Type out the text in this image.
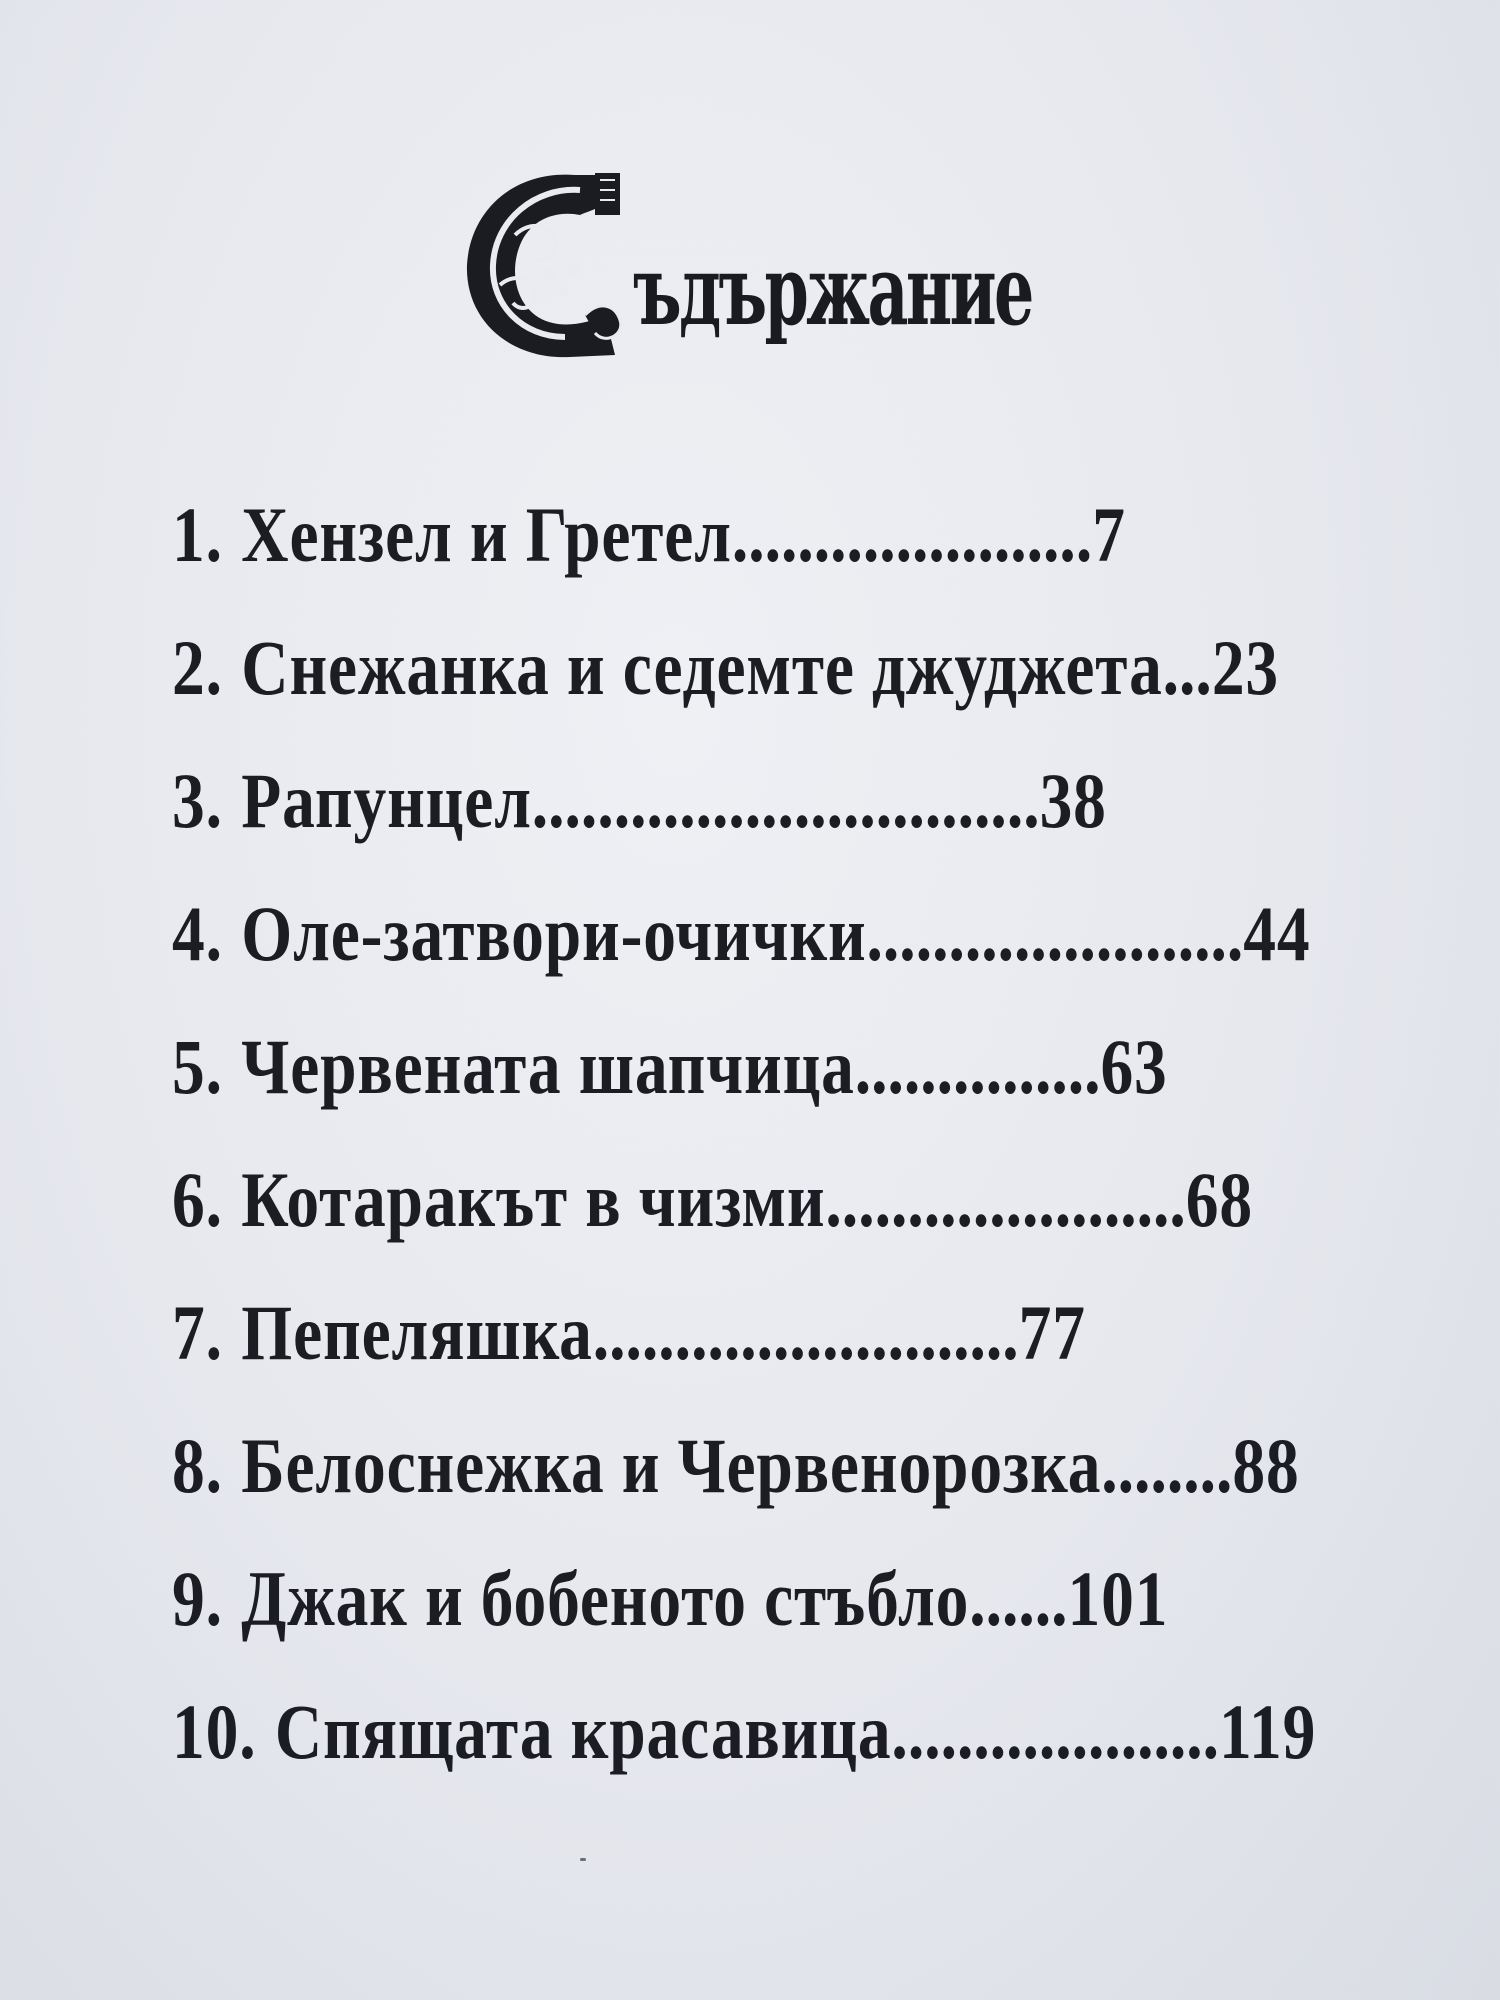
С ъдържание
1. Хензел и Гретел......................7
2. Снежанка и седемте джуджета...23
3. Рапунцел...............................38
4. Оле-затвори-очички.......................44
5. Червената шапчица...............63
6. Котаракът в чизми......................68
7. Пепеляшка..........................77
8. Белоснежка и Червенорозка........88
9. Джак и бобеното стъбло......101
10. Спящата красавица....................119
